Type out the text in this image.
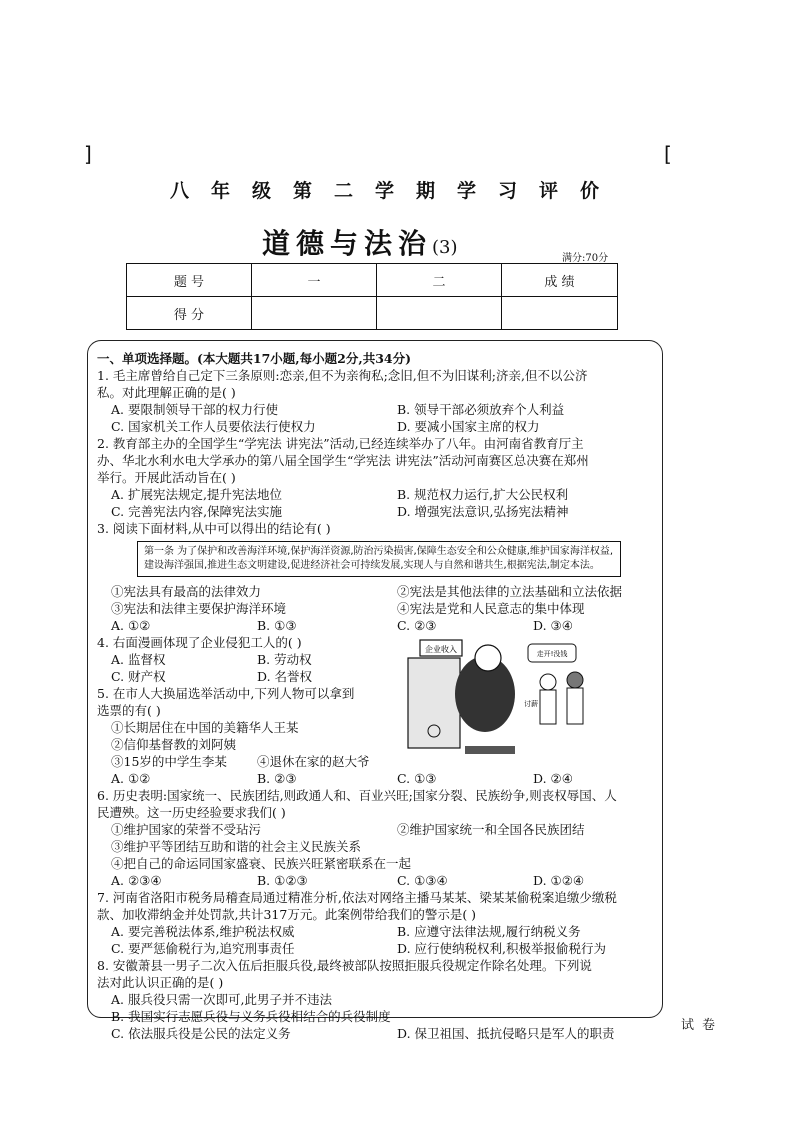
]	[
八年级第二学期学习评价
道德与法治(3)
满分:70分
题 号	一	二	成 绩
得 分			
一、单项选择题。(本大题共17小题,每小题2分,共34分)
1. 毛主席曾给自己定下三条原则:恋亲,但不为亲徇私;念旧,但不为旧谋利;济亲,但不以公济
私。对此理解正确的是( )
A. 要限制领导干部的权力行使	B. 领导干部必须放弃个人利益
C. 国家机关工作人员要依法行使权力	D. 要减小国家主席的权力
2. 教育部主办的全国学生“学宪法 讲宪法”活动,已经连续举办了八年。由河南省教育厅主
办、华北水利水电大学承办的第八届全国学生“学宪法 讲宪法”活动河南赛区总决赛在郑州
举行。开展此活动旨在( )
A. 扩展宪法规定,提升宪法地位	B. 规范权力运行,扩大公民权利
C. 完善宪法内容,保障宪法实施	D. 增强宪法意识,弘扬宪法精神
3. 阅读下面材料,从中可以得出的结论有( )
第一条 为了保护和改善海洋环境,保护海洋资源,防治污染损害,保障生态安全和公众健康,维护国家海洋权益,建设海洋强国,推进生态文明建设,促进经济社会可持续发展,实现人与自然和谐共生,根据宪法,制定本法。
①宪法具有最高的法律效力	②宪法是其他法律的立法基础和立法依据
③宪法和法律主要保护海洋环境	④宪法是党和人民意志的集中体现
A. ①②	B. ①③	C. ②③	D. ③④
4. 右面漫画体现了企业侵犯工人的( )
A. 监督权	B. 劳动权
C. 财产权	D. 名誉权
5. 在市人大换届选举活动中,下列人物可以拿到
选票的有( )
①长期居住在中国的美籍华人王某
②信仰基督教的刘阿姨
③15岁的中学生李某 ④退休在家的赵大爷
A. ①②	B. ②③	C. ①③	D. ②④
6. 历史表明:国家统一、民族团结,则政通人和、百业兴旺;国家分裂、民族纷争,则丧权辱国、人
民遭殃。这一历史经验要求我们( )
①维护国家的荣誉不受玷污	②维护国家统一和全国各民族团结
③维护平等团结互助和谐的社会主义民族关系
④把自己的命运同国家盛衰、民族兴旺紧密联系在一起
A. ②③④	B. ①②③	C. ①③④	D. ①②④
7. 河南省洛阳市税务局稽查局通过精准分析,依法对网络主播马某某、梁某某偷税案追缴少缴税
款、加收滞纳金并处罚款,共计317万元。此案例带给我们的警示是( )
A. 要完善税法体系,维护税法权威	B. 应遵守法律法规,履行纳税义务
C. 要严惩偷税行为,追究刑事责任	D. 应行使纳税权利,积极举报偷税行为
8. 安徽萧县一男子二次入伍后拒服兵役,最终被部队按照拒服兵役规定作除名处理。下列说
法对此认识正确的是( )
A. 服兵役只需一次即可,此男子并不违法
B. 我国实行志愿兵役与义务兵役相结合的兵役制度
C. 依法服兵役是公民的法定义务	D. 保卫祖国、抵抗侵略只是军人的职责
企业收入	走开!没钱
讨薪
试卷
